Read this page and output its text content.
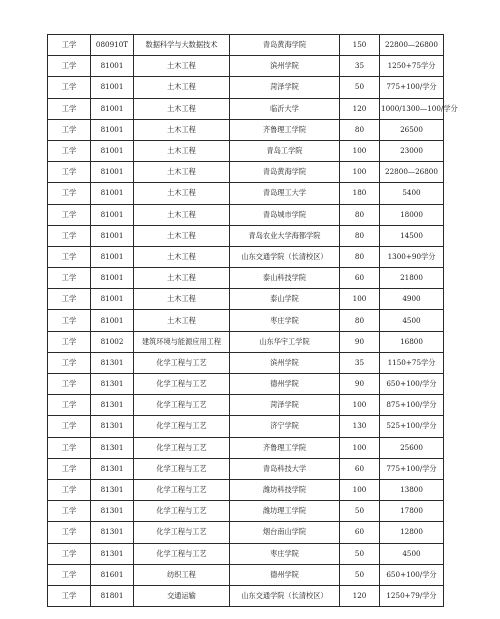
工学	080910T	数据科学与大数据技术	青岛黄海学院	150	22800—26800
工学	81001	土木工程	滨州学院	35	1250+75学分
工学	81001	土木工程	菏泽学院	50	775+100/学分
工学	81001	土木工程	临沂大学	120	1000/1300—100/学分
工学	81001	土木工程	齐鲁理工学院	80	26500
工学	81001	土木工程	青岛工学院	100	23000
工学	81001	土木工程	青岛黄海学院	100	22800—26800
工学	81001	土木工程	青岛理工大学	180	5400
工学	81001	土木工程	青岛城市学院	80	18000
工学	81001	土木工程	青岛农业大学海都学院	80	14500
工学	81001	土木工程	山东交通学院（长清校区）	80	1300+90学分
工学	81001	土木工程	泰山科技学院	60	21800
工学	81001	土木工程	泰山学院	100	4900
工学	81001	土木工程	枣庄学院	80	4500
工学	81002	建筑环境与能源应用工程	山东华宇工学院	90	16800
工学	81301	化学工程与工艺	滨州学院	35	1150+75学分
工学	81301	化学工程与工艺	德州学院	90	650+100/学分
工学	81301	化学工程与工艺	菏泽学院	100	875+100/学分
工学	81301	化学工程与工艺	济宁学院	130	525+100/学分
工学	81301	化学工程与工艺	齐鲁理工学院	100	25600
工学	81301	化学工程与工艺	青岛科技大学	60	775+100/学分
工学	81301	化学工程与工艺	潍坊科技学院	100	13800
工学	81301	化学工程与工艺	潍坊理工学院	50	17800
工学	81301	化学工程与工艺	烟台南山学院	60	12800
工学	81301	化学工程与工艺	枣庄学院	50	4500
工学	81601	纺织工程	德州学院	50	650+100/学分
工学	81801	交通运输	山东交通学院（长清校区）	120	1250+79/学分
